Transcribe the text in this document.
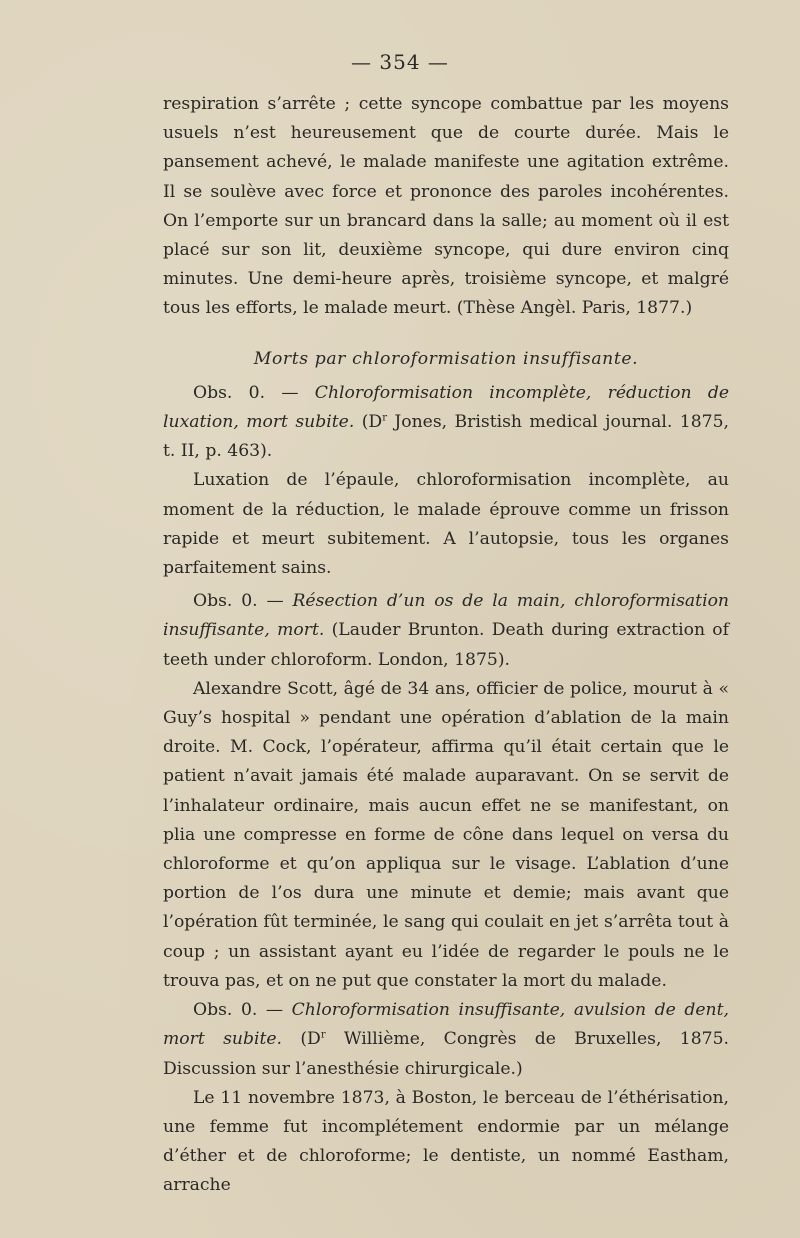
— 354 —

respiration s’arrête ; cette syncope combattue par les moyens usuels n’est heureusement que de courte durée. Mais le pansement achevé, le malade manifeste une agitation extrême. Il se soulève avec force et prononce des paroles incohérentes. On l’emporte sur un brancard dans la salle; au moment où il est placé sur son lit, deuxième syncope, qui dure environ cinq minutes. Une demi-heure après, troisième syncope, et malgré tous les efforts, le malade meurt. (Thèse Angèl. Paris, 1877.)

Morts par chloroformisation insuffisante.

Obs. 0. — Chloroformisation incomplète, réduction de luxation, mort subite. ($D^r$ Jones, Bristish medical journal. 1875, t. II, p. 463).

Luxation de l’épaule, chloroformisation incomplète, au moment de la réduction, le malade éprouve comme un frisson rapide et meurt subitement. A l’autopsie, tous les organes parfaitement sains.

Obs. 0. — Résection d’un os de la main, chloroformisation insuffisante, mort. (Lauder Brunton. Death during extraction of teeth under chloroform. London, 1875).

Alexandre Scott, âgé de 34 ans, officier de police, mourut à « Guy’s hospital » pendant une opération d’ablation de la main droite. M. Cock, l’opérateur, affirma qu’il était certain que le patient n’avait jamais été malade auparavant. On se servit de l’inhalateur ordinaire, mais aucun effet ne se manifestant, on plia une compresse en forme de cône dans lequel on versa du chloroforme et qu’on appliqua sur le visage. L’ablation d’une portion de l’os dura une minute et demie; mais avant que l’opération fût terminée, le sang qui coulait en jet s’arrêta tout à coup ; un assistant ayant eu l’idée de regarder le pouls ne le trouva pas, et on ne put que constater la mort du malade.

Obs. 0. — Chloroformisation insuffisante, avulsion de dent, mort subite. ($D^r$ Willième, Congrès de Bruxelles, 1875. Discussion sur l’anesthésie chirurgicale.)

Le 11 novembre 1873, à Boston, le berceau de l’éthérisation, une femme fut incomplétement endormie par un mélange d’éther et de chloroforme; le dentiste, un nommé Eastham, arrache
